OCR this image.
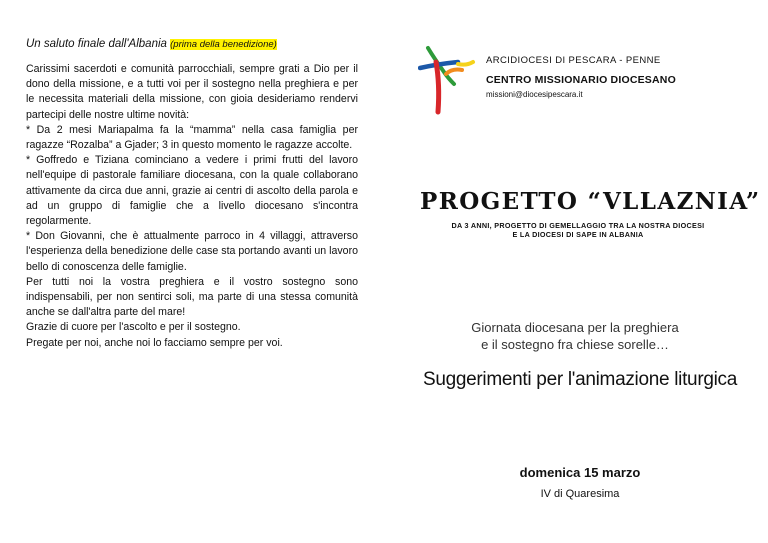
Un saluto finale dall'Albania (prima della benedizione)

Carissimi sacerdoti e comunità parrocchiali, sempre grati a Dio per il dono della missione, e a tutti voi per il sostegno nella preghiera e per le necessita materiali della missione, con gioia desideriamo rendervi partecipi delle nostre ultime novità:

* Da 2 mesi Mariapalma fa la “mamma” nella casa famiglia per ragazze “Rozalba” a Gjader; 3 in questo momento le ragazze accolte.

* Goffredo e Tiziana cominciano a vedere i primi frutti del lavoro nell'equipe di pastorale familiare diocesana, con la quale collaborano attivamente da circa due anni, grazie ai centri di ascolto della parola e ad un gruppo di famiglie che a livello diocesano s'incontra regolarmente.

* Don Giovanni, che è attualmente parroco in 4 villaggi, attraverso l'esperienza della benedizione delle case sta portando avanti un lavoro bello di conoscenza delle famiglie.

Per tutti noi la vostra preghiera e il vostro sostegno sono indispensabili, per non sentirci soli, ma parte di una stessa comunità anche se dall'altra parte del mare!

Grazie di cuore per l'ascolto e per il sostegno.

Pregate per noi, anche noi lo facciamo sempre per voi.

ARCIDIOCESI DI PESCARA - PENNE
CENTRO MISSIONARIO DIOCESANO
missioni@diocesipescara.it
PROGETTO “VLLAZNIA”
DA 3 ANNI, PROGETTO DI GEMELLAGGIO TRA LA NOSTRA DIOCESI
E LA DIOCESI DI SAPE IN ALBANIA
Giornata diocesana per la preghiera
e il sostegno fra chiese sorelle…
Suggerimenti per l'animazione liturgica
domenica 15 marzo
IV di Quaresima
